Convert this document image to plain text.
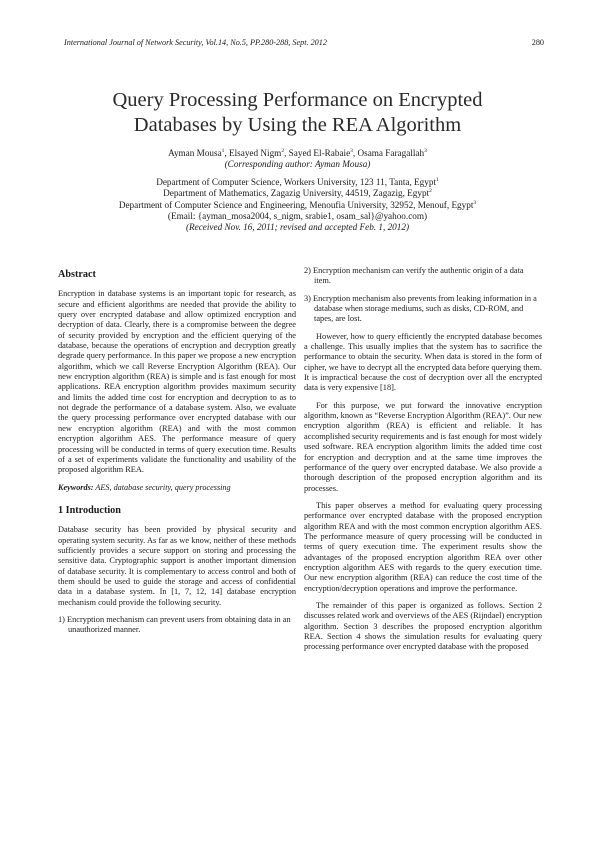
International Journal of Network Security, Vol.14, No.5, PP.280-288, Sept. 2012	280
Query Processing Performance on Encrypted
Databases by Using the REA Algorithm
Ayman Mousa$^1$, Elsayed Nigm$^2$, Sayed El-Rabaie$^3$, Osama Faragallah$^3$
(Corresponding author: Ayman Mousa)
Department of Computer Science, Workers University, 123 11, Tanta, Egypt$^1$
Department of Mathematics, Zagazig University, 44519, Zagazig, Egypt$^2$
Department of Computer Science and Engineering, Menoufia University, 32952, Menouf, Egypt$^3$
(Email: {ayman_mosa2004, s_nigm, srabie1, osam_sal}@yahoo.com)
(Received Nov. 16, 2011; revised and accepted Feb. 1, 2012)
Abstract

Encryption in database systems is an important topic for research, as secure and efficient algorithms are needed that provide the ability to query over encrypted database and allow optimized encryption and decryption of data. Clearly, there is a compromise between the degree of security provided by encryption and the efficient querying of the database, because the operations of encryption and decryption greatly degrade query performance. In this paper we propose a new encryption algorithm, which we call Reverse Encryption Algorithm (REA). Our new encryption algorithm (REA) is simple and is fast enough for most applications. REA encryption algorithm provides maximum security and limits the added time cost for encryption and decryption to as to not degrade the performance of a database system. Also, we evaluate the query processing performance over encrypted database with our new encryption algorithm (REA) and with the most common encryption algorithm AES. The performance measure of query processing will be conducted in terms of query execution time. Results of a set of experiments validate the functionality and usability of the proposed algorithm REA.

Keywords: AES, database security, query processing

1 Introduction

Database security has been provided by physical security and operating system security. As far as we know, neither of these methods sufficiently provides a secure support on storing and processing the sensitive data. Cryptographic support is another important dimension of database security. It is complementary to access control and both of them should be used to guide the storage and access of confidential data in a database system. In [1, 7, 12, 14] database encryption mechanism could provide the following security.

1) Encryption mechanism can prevent users from obtaining data in an unauthorized manner.

2) Encryption mechanism can verify the authentic origin of a data item.

3) Encryption mechanism also prevents from leaking information in a database when storage mediums, such as disks, CD-ROM, and tapes, are lost.

However, how to query efficiently the encrypted database becomes a challenge. This usually implies that the system has to sacrifice the performance to obtain the security. When data is stored in the form of cipher, we have to decrypt all the encrypted data before querying them. It is impractical because the cost of decryption over all the encrypted data is very expensive [18].

For this purpose, we put forward the innovative encryption algorithm, known as “Reverse Encryption Algorithm (REA)”. Our new encryption algorithm (REA) is efficient and reliable. It has accomplished security requirements and is fast enough for most widely used software. REA encryption algorithm limits the added time cost for encryption and decryption and at the same time improves the performance of the query over encrypted database. We also provide a thorough description of the proposed encryption algorithm and its processes.

This paper observes a method for evaluating query processing performance over encrypted database with the proposed encryption algorithm REA and with the most common encryption algorithm AES. The performance measure of query processing will be conducted in terms of query execution time. The experiment results show the advantages of the proposed encryption algorithm REA over other encryption algorithm AES with regards to the query execution time. Our new encryption algorithm (REA) can reduce the cost time of the encryption/decryption operations and improve the performance.

The remainder of this paper is organized as follows. Section 2 discusses related work and overviews of the AES (Rijndael) encryption algorithm. Section 3 describes the proposed encryption algorithm REA. Section 4 shows the simulation results for evaluating query processing performance over encrypted database with the proposed
